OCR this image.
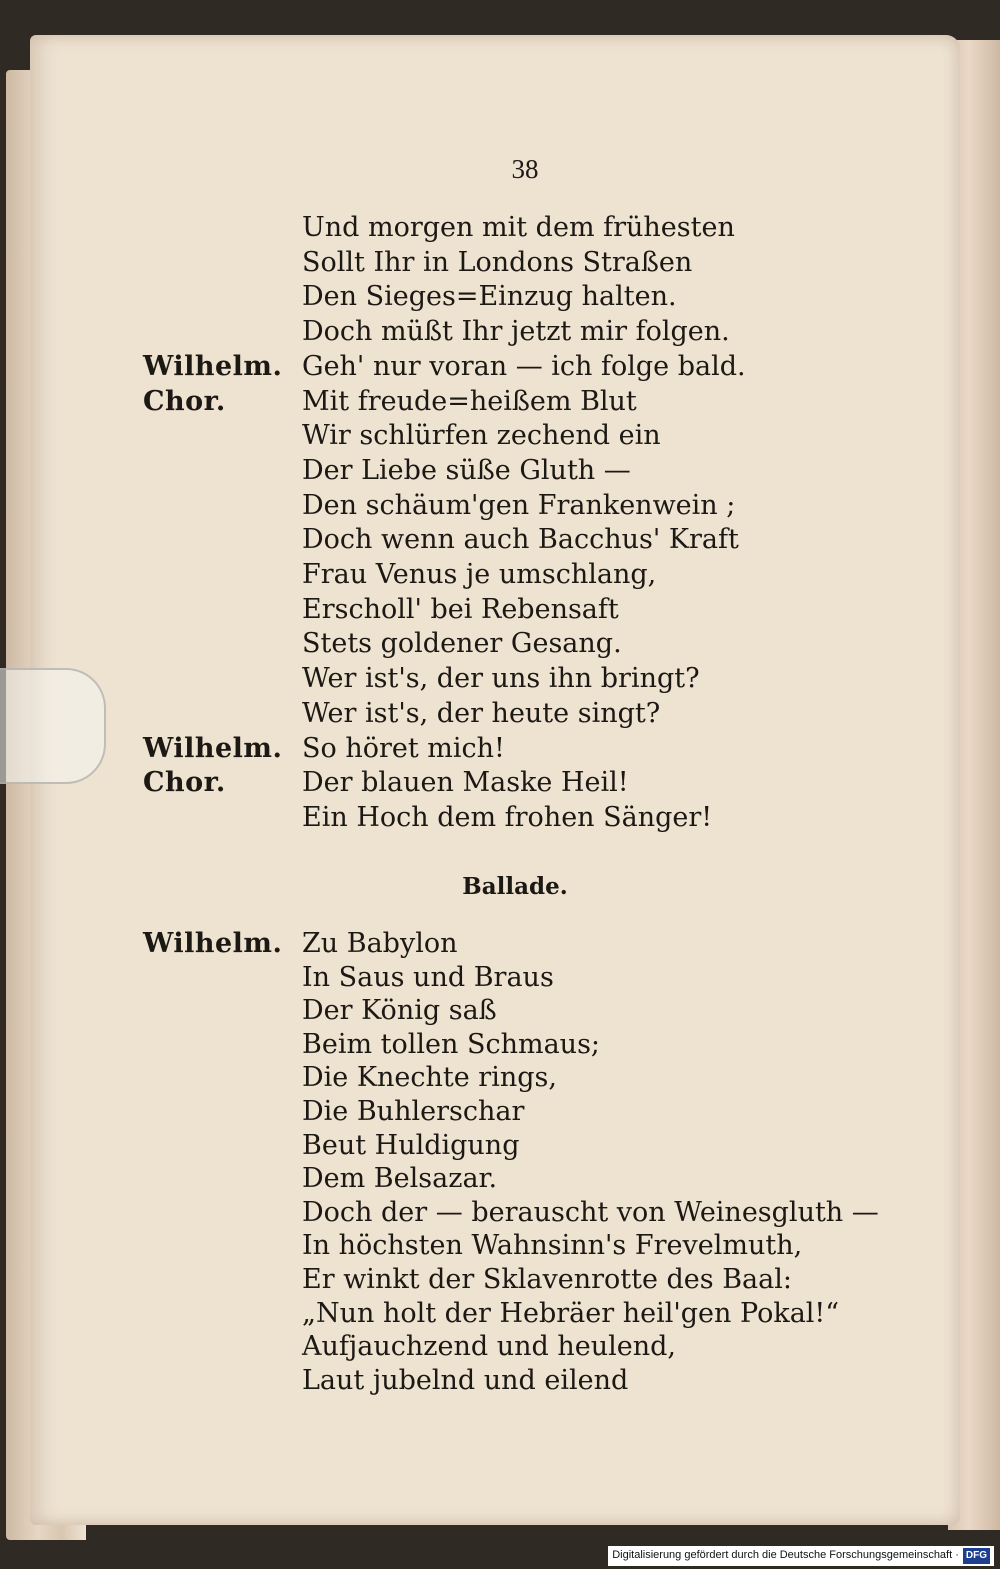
38
Und morgen mit dem frühesten
Sollt Ihr in Londons Straßen
Den Sieges=Einzug halten.
Doch müßt Ihr jetzt mir folgen.
Wilhelm. Geh' nur voran — ich folge bald.
Chor.	Mit freude=heißem Blut
Wir schlürfen zechend ein
Der Liebe süße Gluth —
Den schäum'gen Frankenwein ;
Doch wenn auch Bacchus' Kraft
Frau Venus je umschlang,
Erscholl' bei Rebensaft
Stets goldener Gesang.
Wer ist's, der uns ihn bringt?
Wer ist's, der heute singt?
Wilhelm. So höret mich!
Chor.	Der blauen Maske Heil!
Ein Hoch dem frohen Sänger!
Ballade.
Wilhelm. Zu Babylon
In Saus und Braus
Der König saß
Beim tollen Schmaus;
Die Knechte rings,
Die Buhlerschar
Beut Huldigung
Dem Belsazar.
Doch der — berauscht von Weinesgluth —
In höchsten Wahnsinn's Frevelmuth,
Er winkt der Sklavenrotte des Baal:
„Nun holt der Hebräer heil'gen Pokal!“
Aufjauchzend und heulend,
Laut jubelnd und eilend
Digitalisierung gefördert durch die Deutsche Forschungsgemeinschaft · DFG
